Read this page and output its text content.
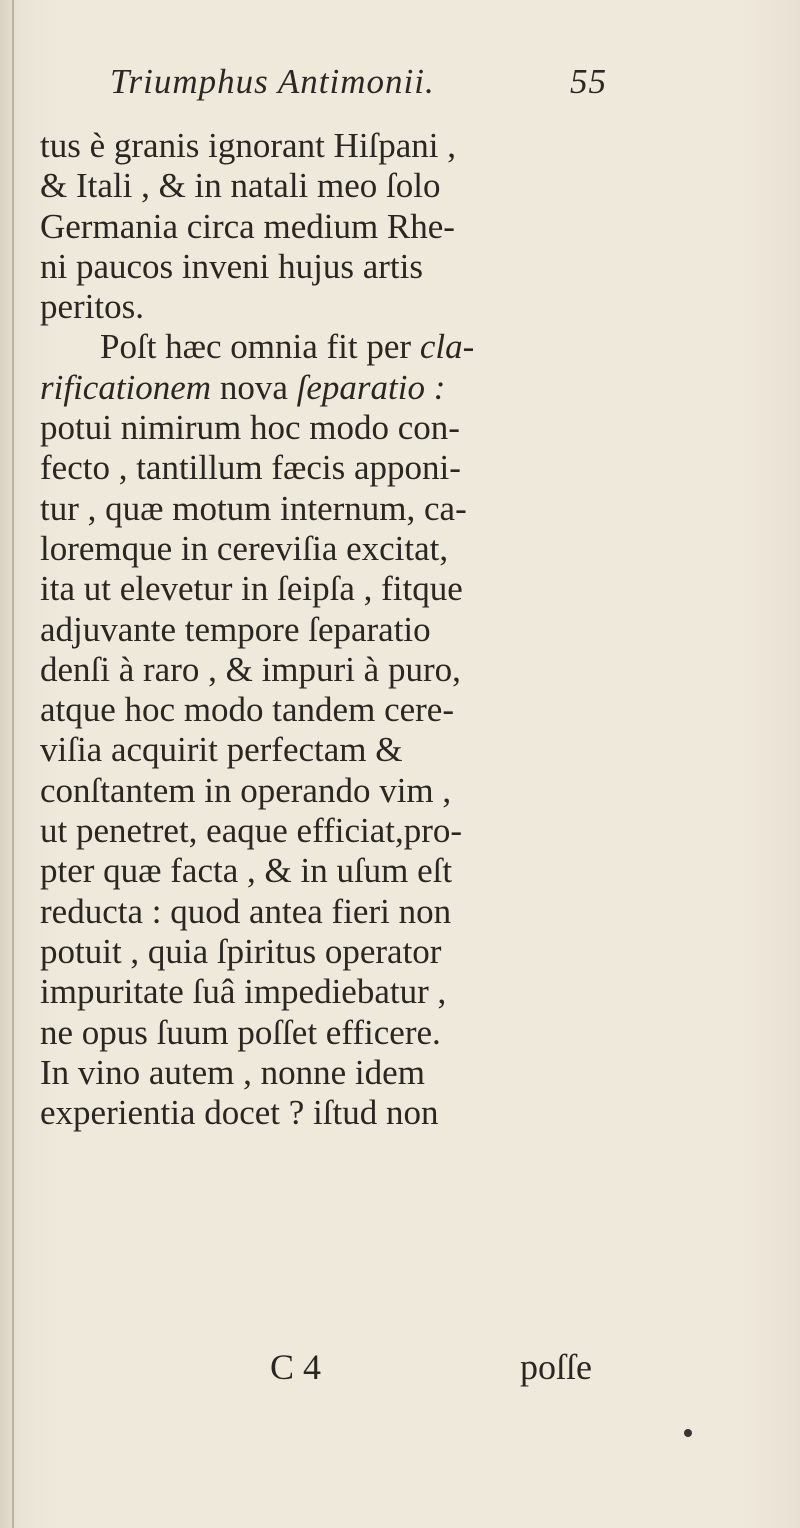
Triumphus Antimonii.	55
tus è granis ignorant Hiſpani ,
& Itali , & in natali meo ſolo
Germania circa medium Rhe-
ni paucos inveni hujus artis
peritos.
Poſt hæc omnia fit per cla-
rificationem nova ſeparatio :
potui nimirum hoc modo con-
fecto , tantillum fæcis apponi-
tur , quæ motum internum, ca-
loremque in cereviſia excitat,
ita ut elevetur in ſeipſa , fitque
adjuvante tempore ſeparatio
denſi à raro , & impuri à puro,
atque hoc modo tandem cere-
viſia acquirit perfectam &
conſtantem in operando vim ,
ut penetret, eaque efficiat,pro-
pter quæ facta , & in uſum eſt
reducta : quod antea fieri non
potuit , quia ſpiritus operator
impuritate ſuâ impediebatur ,
ne opus ſuum poſſet efficere.
In vino autem , nonne idem
experientia docet ? iſtud non
C 4	poſſe
